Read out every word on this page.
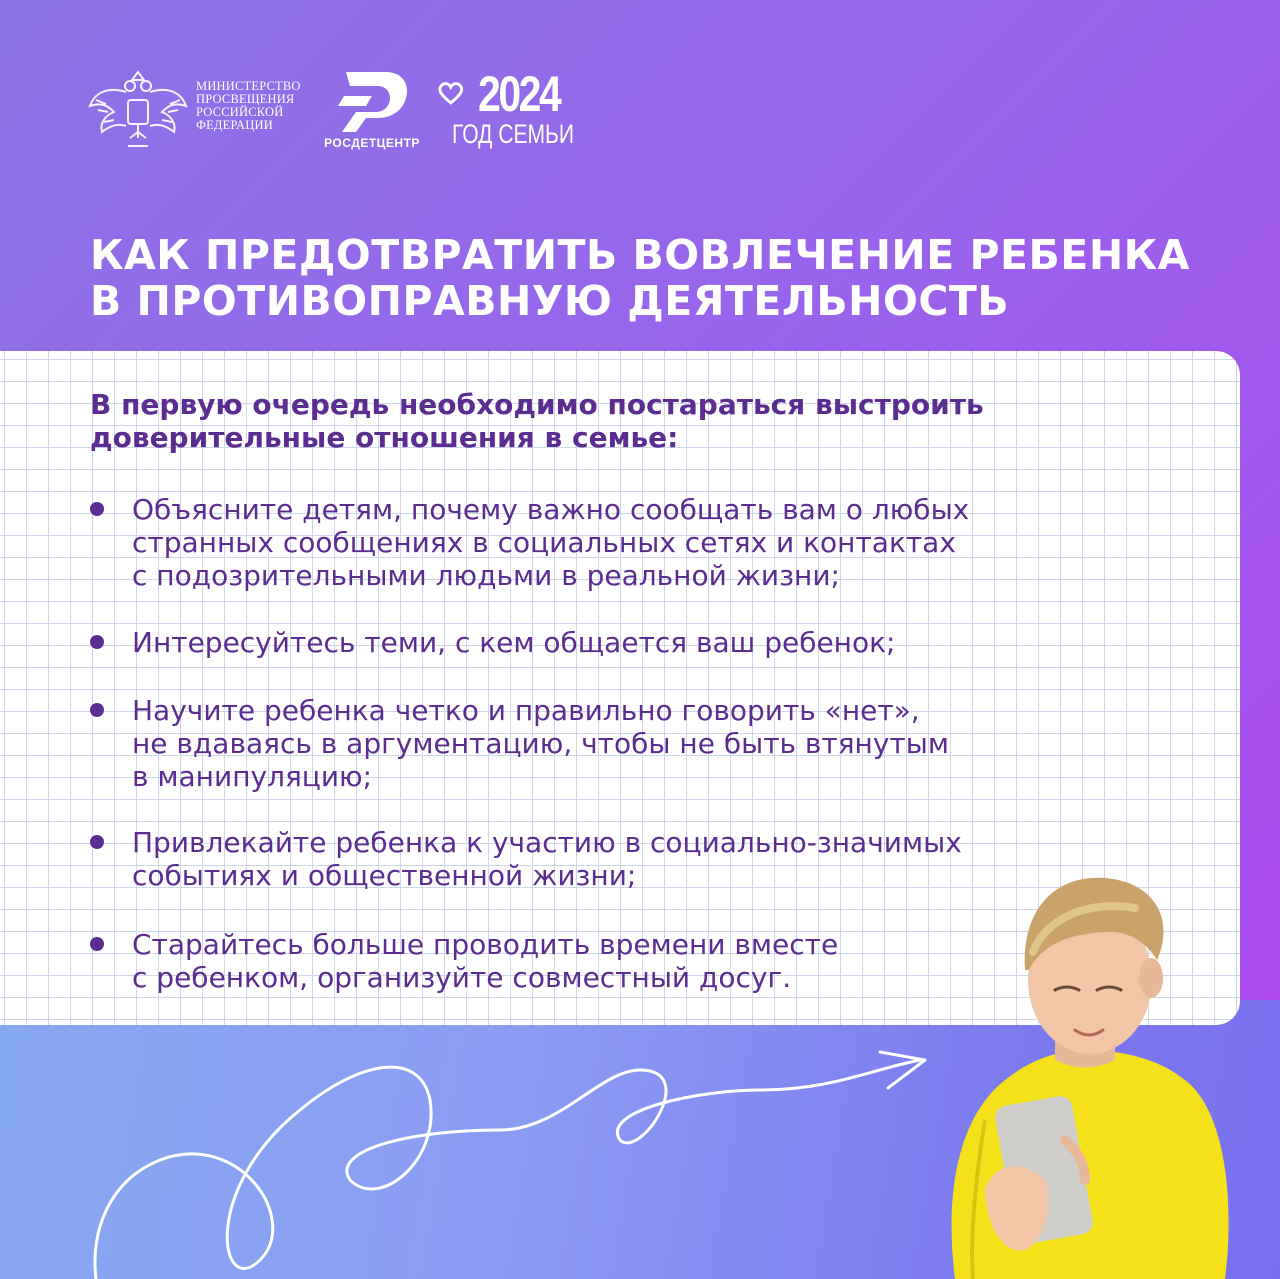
МИНИСТЕРСТВО
ПРОСВЕЩЕНИЯ
РОССИЙСКОЙ
ФЕДЕРАЦИИ
РОСДЕТЦЕНТР
2024
ГОД СЕМЬИ
КАК ПРЕДОТВРАТИТЬ ВОВЛЕЧЕНИЕ РЕБЕНКА
В ПРОТИВОПРАВНУЮ ДЕЯТЕЛЬНОСТЬ
В первую очередь необходимо постараться выстроить
доверительные отношения в семье:
Объясните детям, почему важно сообщать вам о любых
странных сообщениях в социальных сетях и контактах
с подозрительными людьми в реальной жизни;
Интересуйтесь теми, с кем общается ваш ребенок;
Научите ребенка четко и правильно говорить «нет»,
не вдаваясь в аргументацию, чтобы не быть втянутым
в манипуляцию;
Привлекайте ребенка к участию в социально-значимых
событиях и общественной жизни;
Старайтесь больше проводить времени вместе
с ребенком, организуйте совместный досуг.
